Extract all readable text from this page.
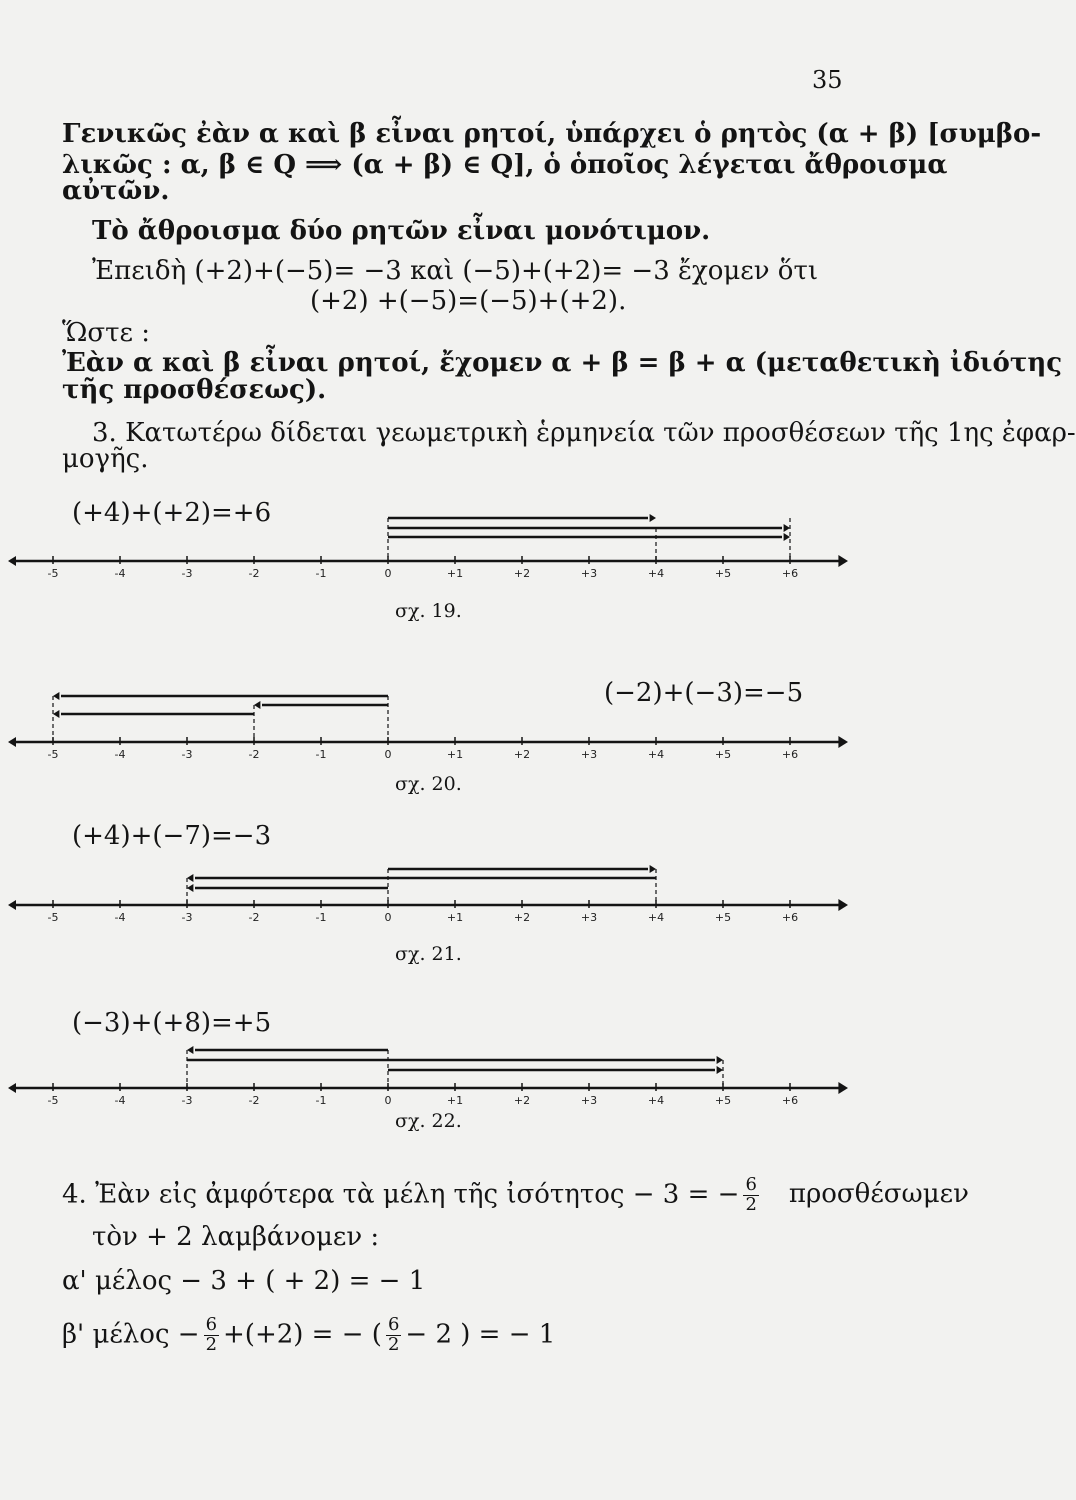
35
Γενικῶς ἐὰν α καὶ β εἶναι ρητοί, ὑπάρχει ὁ ρητὸς (α + β) [συμβο-
λικῶς : α, β ∈ Q ⟹ (α + β) ∈ Q], ὁ ὁποῖος λέγεται ἄθροισμα
αὐτῶν.
Τὸ ἄθροισμα δύο ρητῶν εἶναι μονότιμον.
Ἐπειδὴ (+2)+(−5)= −3 καὶ (−5)+(+2)= −3 ἔχομεν ὅτι
(+2) +(−5)=(−5)+(+2).
Ὥστε :
Ἐὰν α καὶ β εἶναι ρητοί, ἔχομεν α + β = β + α (μεταθετικὴ ἰδιότης
τῆς προσθέσεως).
3. Κατωτέρω δίδεται γεωμετρικὴ ἑρμηνεία τῶν προσθέσεων τῆς 1ης ἐφαρ-
μογῆς.
(+4)+(+2)=+6
-5	-4	-3	-2	-1	0	+1	+2	+3	+4	+5	+6
σχ. 19.
(−2)+(−3)=−5
-5	-4	-3	-2	-1	0	+1	+2	+3	+4	+5	+6
σχ. 20.
(+4)+(−7)=−3
-5	-4	-3	-2	-1	0	+1	+2	+3	+4	+5	+6
σχ. 21.
(−3)+(+8)=+5
-5	-4	-3	-2	-1	0	+1	+2	+3	+4	+5	+6
σχ. 22.
4. Ἐὰν εἰς ἀμφότερα τὰ μέλη τῆς ἰσότητος − 3 = − $\frac{6}{2}$ προσθέσωμεν
τὸν + 2 λαμβάνομεν :
α' μέλος − 3 + ( + 2) = − 1
β' $\mu έ\lambda o\varsigma - \frac{6}{2} +(+2)$ = − ( $\frac{6}{2} - 2$ ) = − 1
